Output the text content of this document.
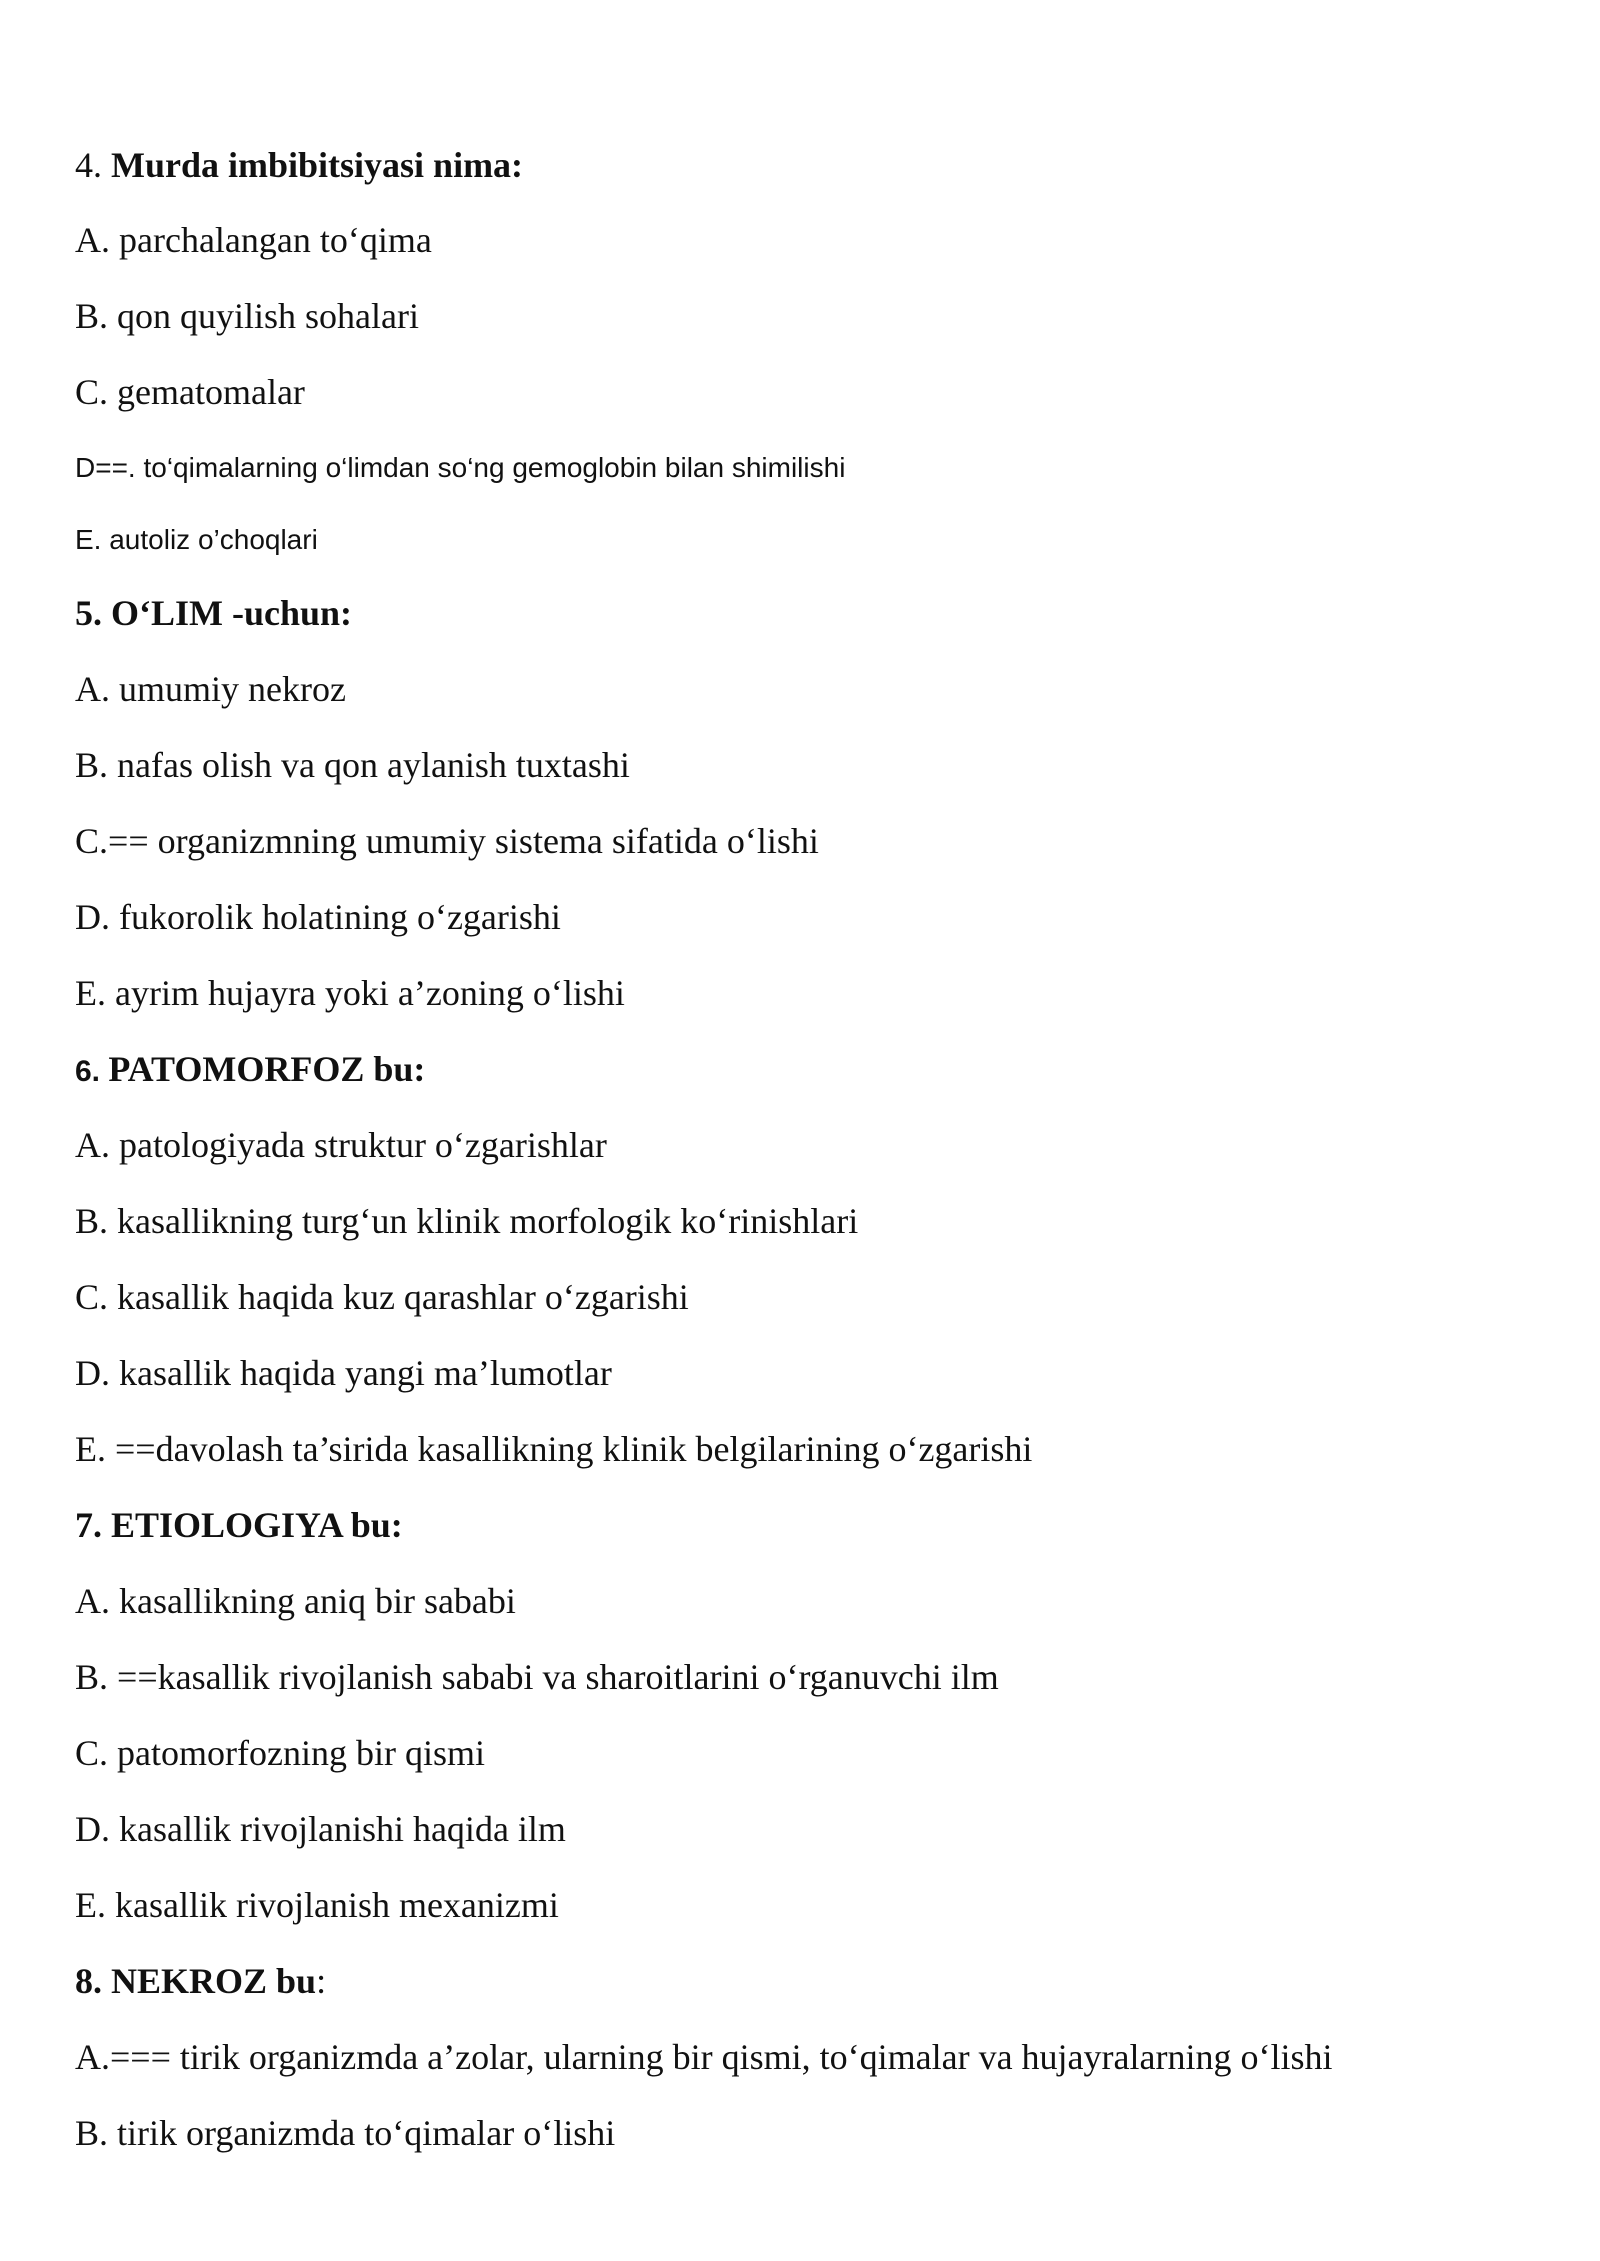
4. Murda imbibitsiyasi nima:
A. parchalangan to‘qima
B. qon quyilish sohalari
C. gematomalar
D==. to‘qimalarning o‘limdan so‘ng gemoglobin bilan shimilishi
E. autoliz o’choqlari
5. O‘LIM -uchun:
A. umumiy nekroz
B. nafas olish va qon aylanish tuxtashi
C.== organizmning umumiy sistema sifatida o‘lishi
D. fukorolik holatining o‘zgarishi
E. ayrim hujayra yoki a’zoning o‘lishi
6. PATOMORFOZ bu:
A. patologiyada struktur o‘zgarishlar
B. kasallikning turg‘un klinik morfologik ko‘rinishlari
C. kasallik haqida kuz qarashlar o‘zgarishi
D. kasallik haqida yangi ma’lumotlar
E. ==davolash ta’sirida kasallikning klinik belgilarining o‘zgarishi
7. ETIOLOGIYA bu:
A. kasallikning aniq bir sababi
B. ==kasallik rivojlanish sababi va sharoitlarini o‘rganuvchi ilm
C. patomorfozning bir qismi
D. kasallik rivojlanishi haqida ilm
E. kasallik rivojlanish mexanizmi
8. NEKROZ bu:
A.=== tirik organizmda a’zolar, ularning bir qismi, to‘qimalar va hujayralarning o‘lishi
B. tirik organizmda to‘qimalar o‘lishi
